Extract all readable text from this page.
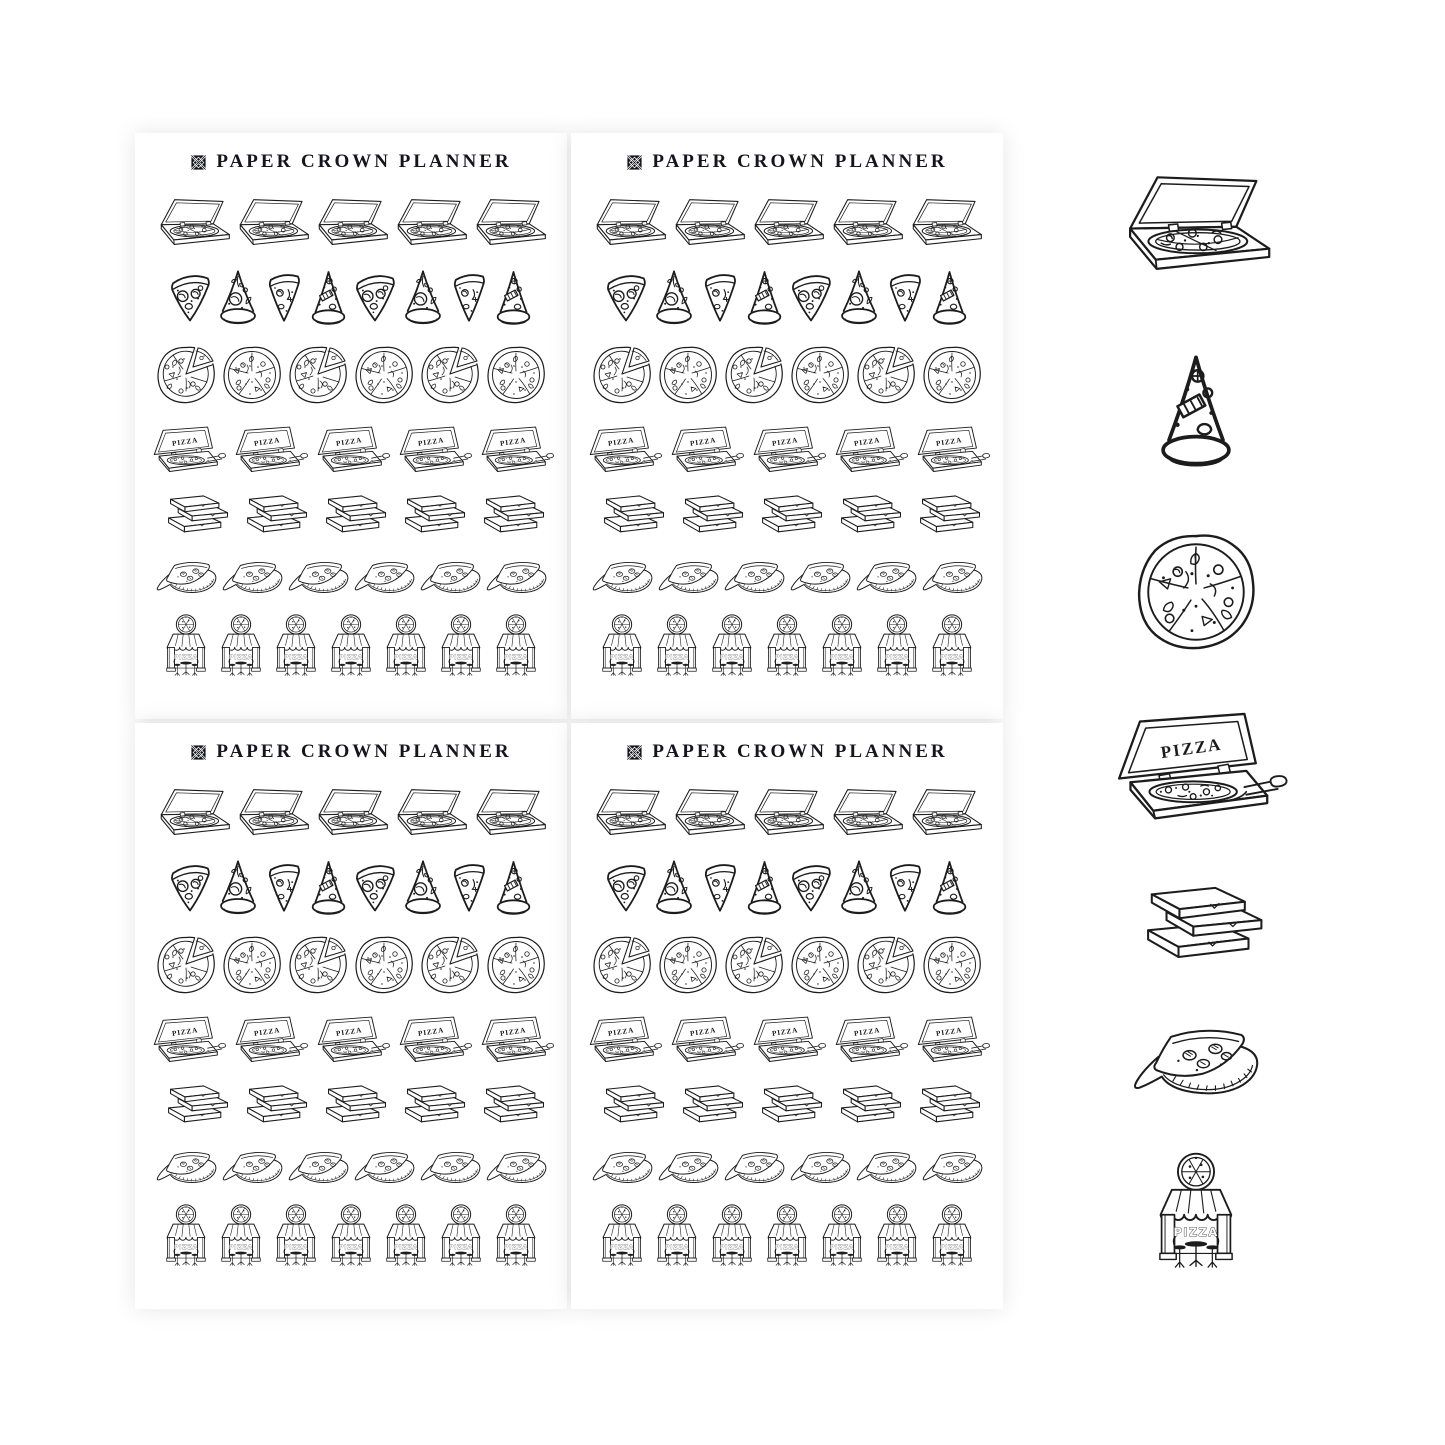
PAPER CROWN PLANNER	PAPER CROWN PLANNER
PAPER CROWN PLANNER	PAPER CROWN PLANNER
